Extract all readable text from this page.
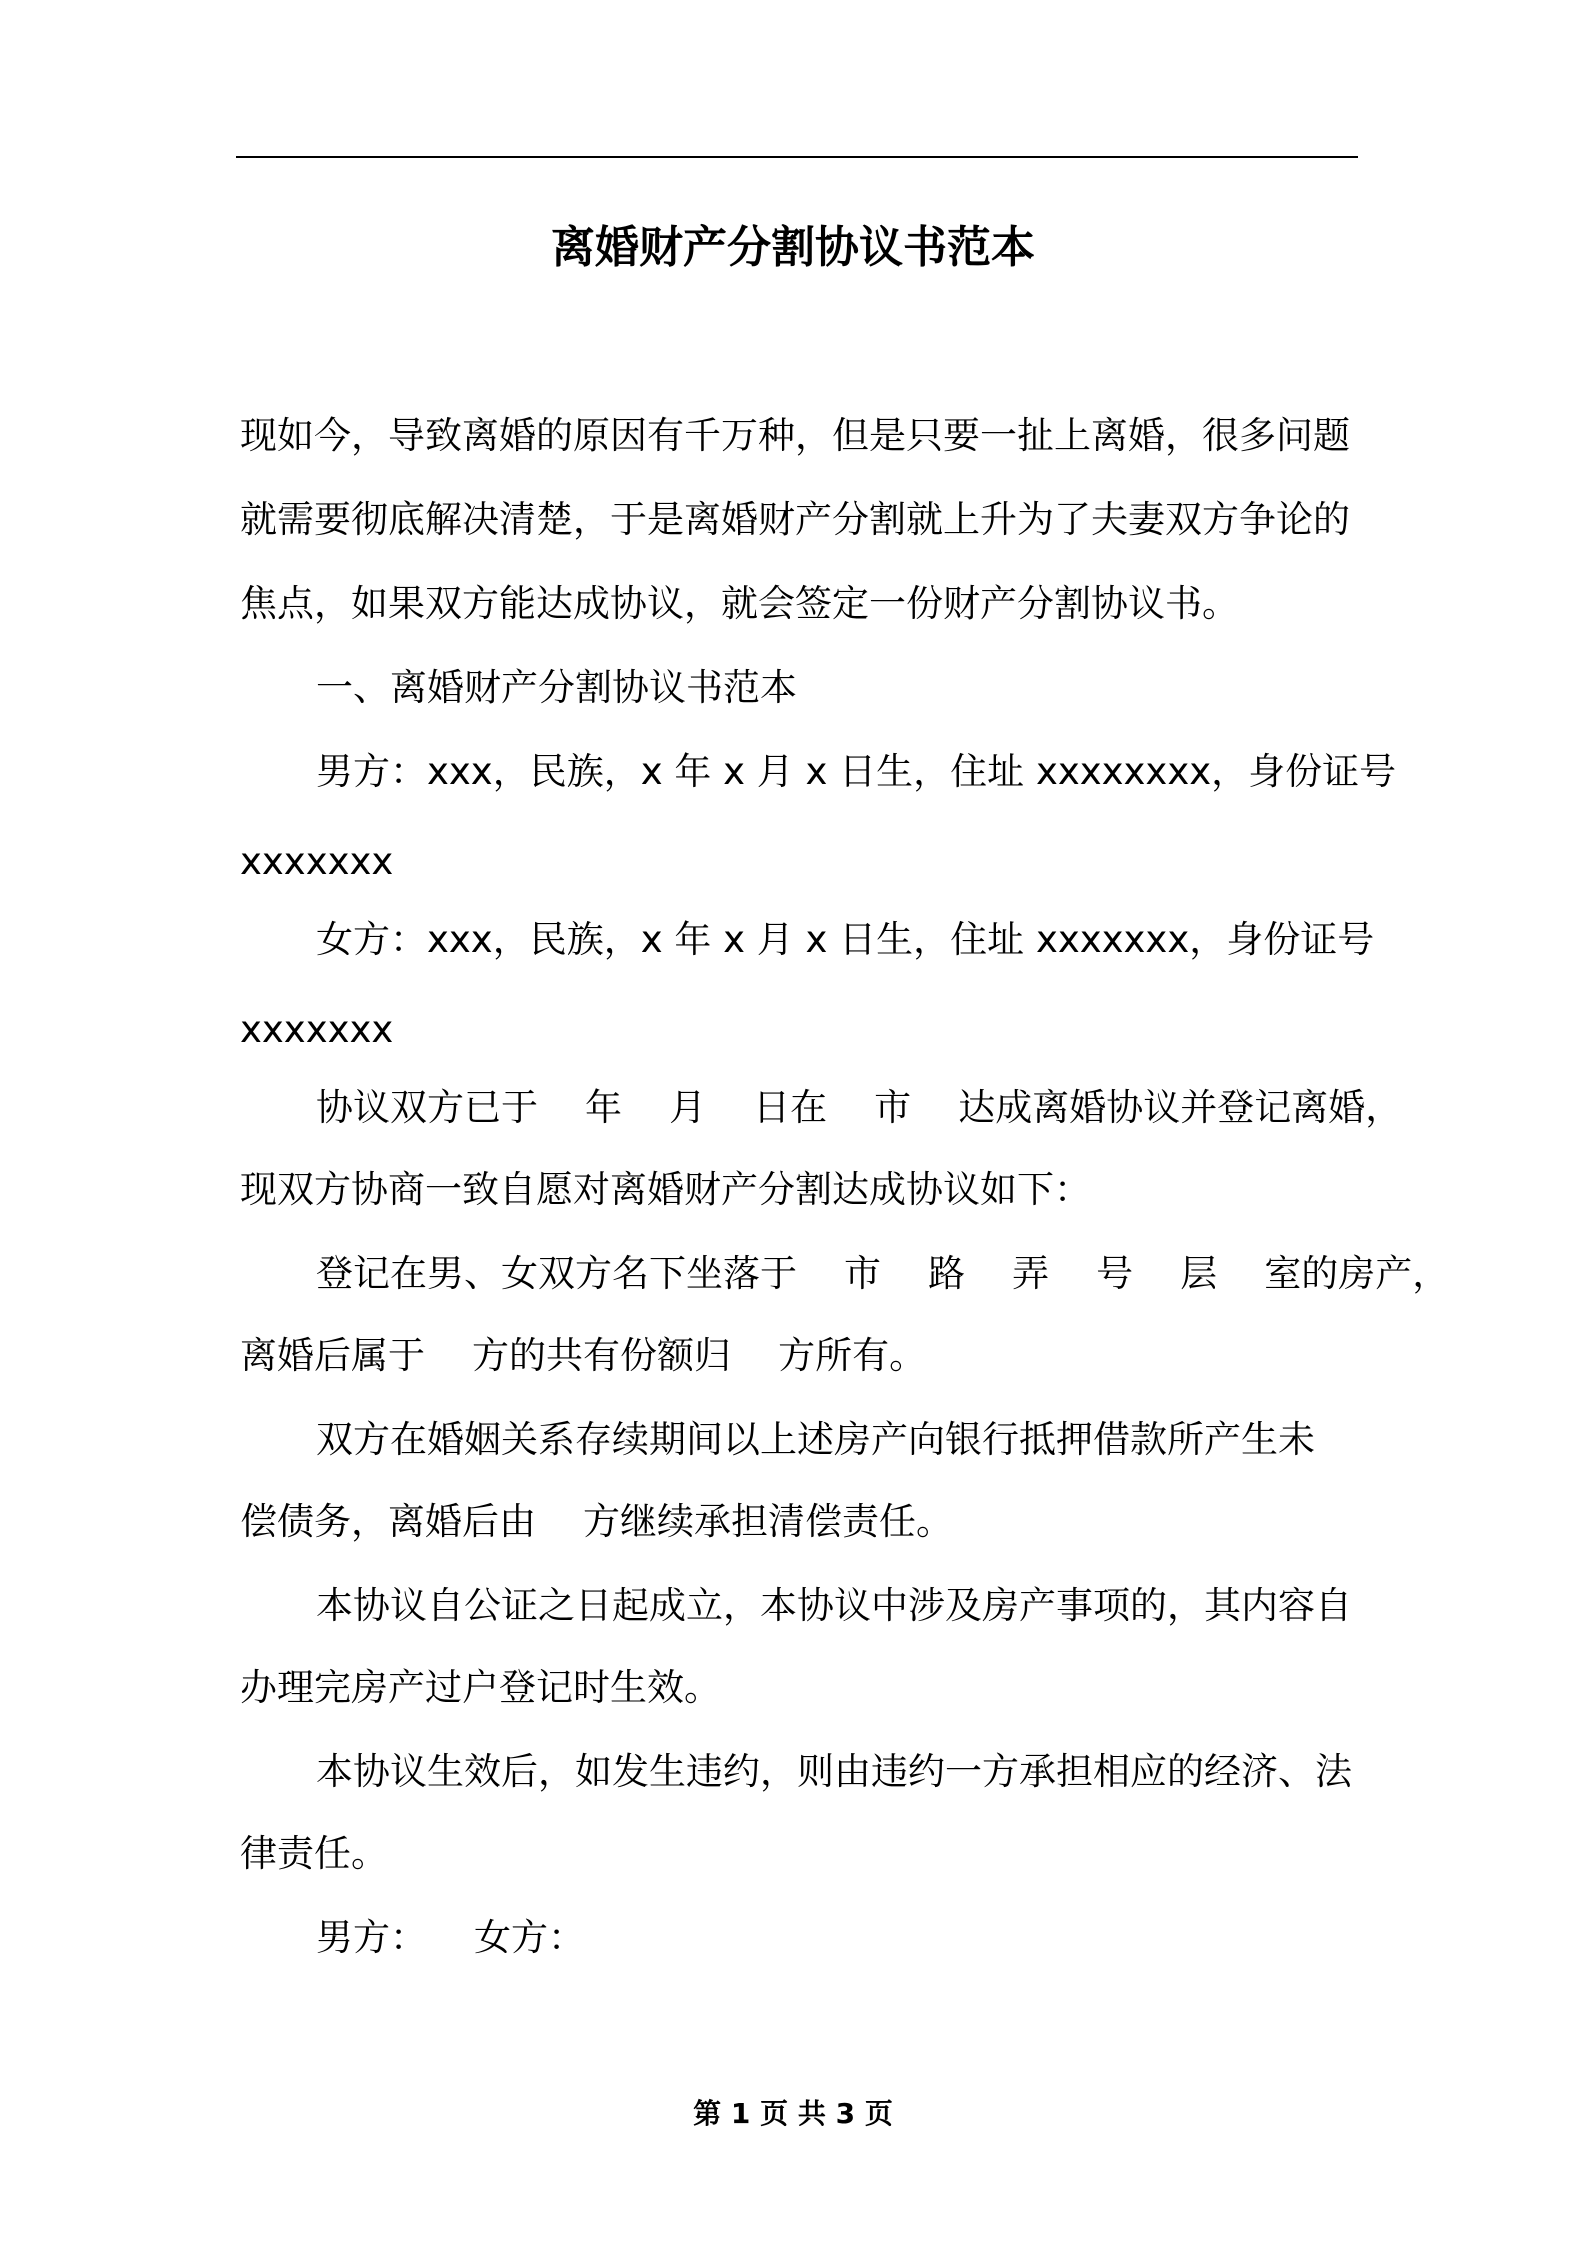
离婚财产分割协议书范本
现如今，导致离婚的原因有千万种，但是只要一扯上离婚，很多问题
就需要彻底解决清楚，于是离婚财产分割就上升为了夫妻双方争论的
焦点，如果双方能达成协议，就会签定一份财产分割协议书。
一、离婚财产分割协议书范本
男方：xxx，民族，x 年 x 月 x 日生，住址 xxxxxxxx，身份证号
xxxxxxx
女方：xxx，民族，x 年 x 月 x 日生，住址 xxxxxxx，身份证号
xxxxxxx
协议双方已于    年    月    日在    市    达成离婚协议并登记离婚，
现双方协商一致自愿对离婚财产分割达成协议如下：
登记在男、女双方名下坐落于    市    路    弄    号    层    室的房产，
离婚后属于    方的共有份额归    方所有。
双方在婚姻关系存续期间以上述房产向银行抵押借款所产生未
偿债务，离婚后由    方继续承担清偿责任。
本协议自公证之日起成立，本协议中涉及房产事项的，其内容自
办理完房产过户登记时生效。
本协议生效后，如发生违约，则由违约一方承担相应的经济、法
律责任。
男方：    女方：
第 1 页 共 3 页
